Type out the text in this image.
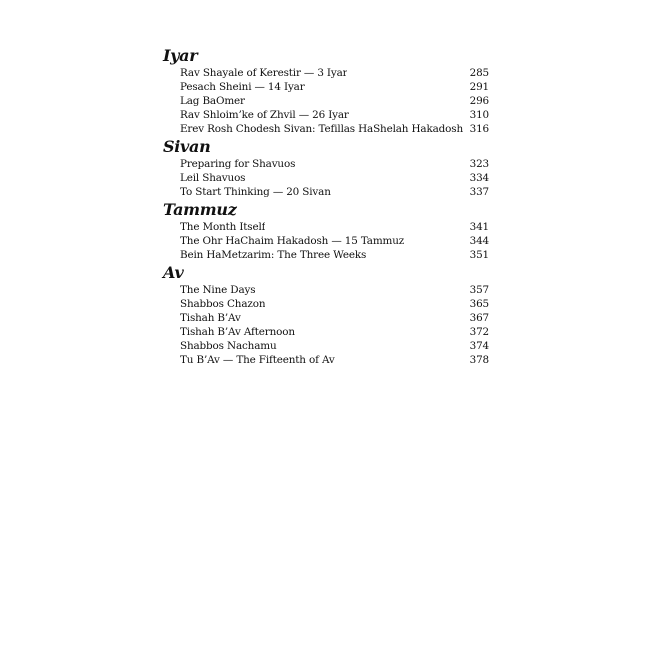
Iyar
Rav Shayale of Kerestir — 3 Iyar	285
Pesach Sheini — 14 Iyar	291
Lag BaOmer	296
Rav Shloim’ke of Zhvil — 26 Iyar	310
Erev Rosh Chodesh Sivan: Tefillas HaShelah Hakadosh 316
Sivan
Preparing for Shavuos	323
Leil Shavuos	334
To Start Thinking — 20 Sivan	337
Tammuz
The Month Itself	341
The Ohr HaChaim Hakadosh — 15 Tammuz	344
Bein HaMetzarim: The Three Weeks	351
Av
The Nine Days	357
Shabbos Chazon	365
Tishah B’Av	367
Tishah B’Av Afternoon	372
Shabbos Nachamu	374
Tu B’Av — The Fifteenth of Av	378
